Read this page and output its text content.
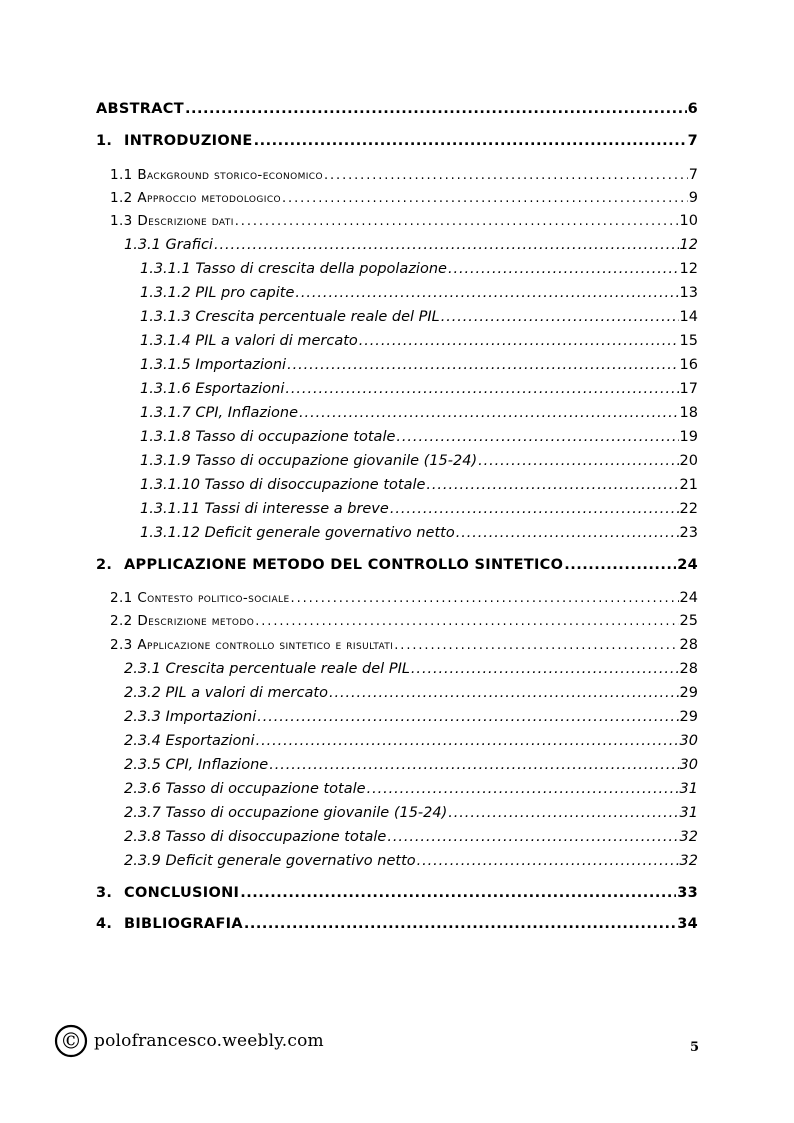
ABSTRACT .....	6
1. INTRODUZIONE .....	7
1.1 Background storico-economico .....	7
1.2 Approccio metodologico .....	9
1.3 Descrizione dati .....	10
1.3.1 Grafici .....	12
1.3.1.1 Tasso di crescita della popolazione .....	12
1.3.1.2 PIL pro capite .....	13
1.3.1.3 Crescita percentuale reale del PIL .....	14
1.3.1.4 PIL a valori di mercato .....	15
1.3.1.5 Importazioni .....	16
1.3.1.6 Esportazioni .....	17
1.3.1.7 CPI, Inflazione .....	18
1.3.1.8 Tasso di occupazione totale .....	19
1.3.1.9 Tasso di occupazione giovanile (15-24) .....	20
1.3.1.10 Tasso di disoccupazione totale .....	21
1.3.1.11 Tassi di interesse a breve .....	22
1.3.1.12 Deficit generale governativo netto .....	23
2. APPLICAZIONE METODO DEL CONTROLLO SINTETICO .....	24
2.1 Contesto politico-sociale .....	24
2.2 Descrizione metodo .....	25
2.3 Applicazione controllo sintetico e risultati .....	28
2.3.1 Crescita percentuale reale del PIL .....	28
2.3.2 PIL a valori di mercato .....	29
2.3.3 Importazioni .....	29
2.3.4 Esportazioni .....	30
2.3.5 CPI, Inflazione .....	30
2.3.6 Tasso di occupazione totale .....	31
2.3.7 Tasso di occupazione giovanile (15-24) .....	31
2.3.8 Tasso di disoccupazione totale .....	32
2.3.9 Deficit generale governativo netto .....	32
3. CONCLUSIONI .....	33
4. BIBLIOGRAFIA .....	34
© polofrancesco.weebly.com	5
